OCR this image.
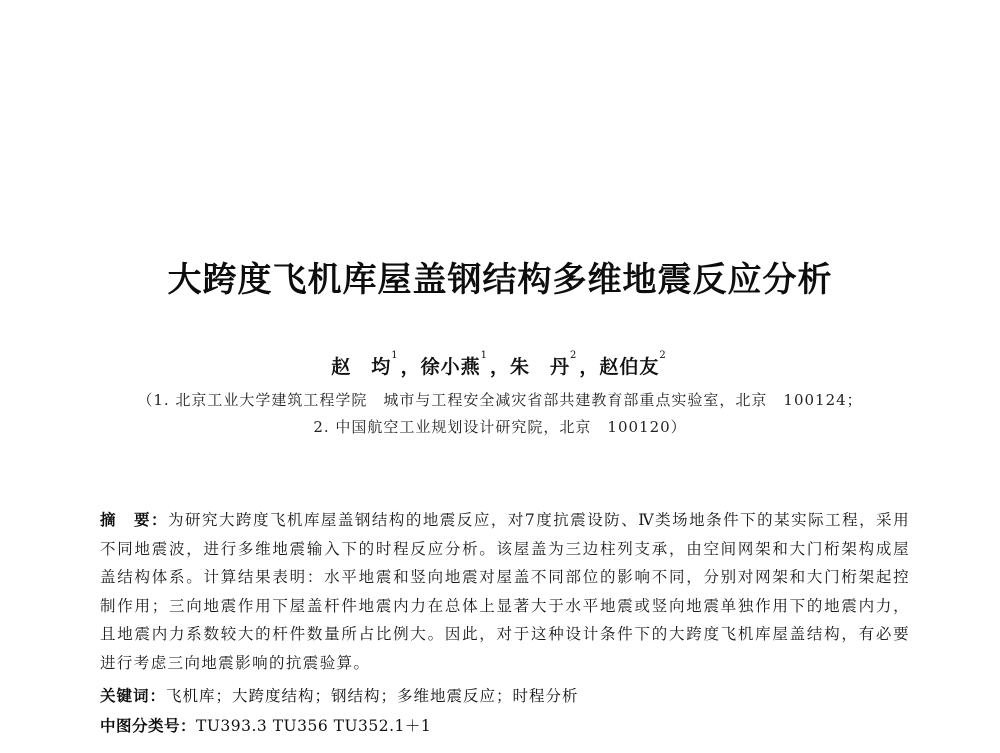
大跨度飞机库屋盖钢结构多维地震反应分析
赵　均$^1$，徐小燕$^1$，朱　丹$^2$，赵伯友$^2$
（1. 北京工业大学建筑工程学院　城市与工程安全减灾省部共建教育部重点实验室，北京　100124；
2. 中国航空工业规划设计研究院，北京　100120）
摘　要：为研究大跨度飞机库屋盖钢结构的地震反应，对7度抗震设防、Ⅳ类场地条件下的某实际工程，采用不同地震波，进行多维地震输入下的时程反应分析。该屋盖为三边柱列支承，由空间网架和大门桁架构成屋盖结构体系。计算结果表明：水平地震和竖向地震对屋盖不同部位的影响不同，分别对网架和大门桁架起控制作用；三向地震作用下屋盖杆件地震内力在总体上显著大于水平地震或竖向地震单独作用下的地震内力，且地震内力系数较大的杆件数量所占比例大。因此，对于这种设计条件下的大跨度飞机库屋盖结构，有必要进行考虑三向地震影响的抗震验算。
关键词：飞机库；大跨度结构；钢结构；多维地震反应；时程分析
中图分类号：TU393.3 TU356 TU352.1＋1
